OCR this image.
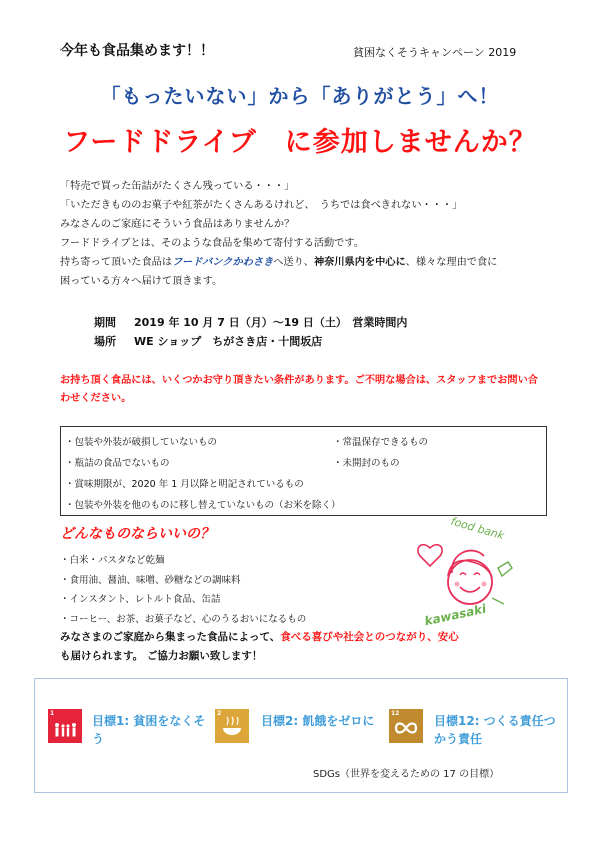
今年も食品集めます！！	貧困なくそうキャンペーン 2019
「もったいない」から「ありがとう」へ！
フードドライブ　に参加しませんか？

「特売で買った缶詰がたくさん残っている・・・」

「いただきもののお菓子や紅茶がたくさんあるけれど、　うちでは食べきれない・・・」

みなさんのご家庭にそういう食品はありませんか？

フードドライブとは、そのような食品を集めて寄付する活動です。

持ち寄って頂いた食品はフードバンクかわさきへ送り、神奈川県内を中心に、様々な理由で食に

困っている方々へ届けて頂きます。

期間 2019 年 10 月 7 日（月）～19 日（土）　営業時間内
場所 WE ショップ　ちがさき店・十間坂店
お持ち頂く食品には、いくつかお守り頂きたい条件があります。ご不明な場合は、スタッフまでお問い合わせください。
・包装や外装が破損していないもの	・常温保存できるもの
・瓶詰の食品でないもの	・未開封のもの
・賞味期限が、2020 年 1 月以降と明記されているもの
・包装や外装を他のものに移し替えていないもの（お米を除く）
どんなものならいいの？

・白米・パスタなど乾麺

・食用油、醤油、味噌、砂糖などの調味料

・インスタント、レトルト食品、缶詰

・コーヒー、お茶、お菓子など、心のうるおいになるもの

food bank
kawasaki
みなさまのご家庭から集まった食品によって、食べる喜びや社会とのつながり、安心
も届けられます。 ご協力お願い致します！
1
目標1: 貧困をなくそ
う
2
目標2: 飢餓をゼロに
12
目標12: つくる責任つ
かう責任
SDGs（世界を変えるための 17 の目標）
